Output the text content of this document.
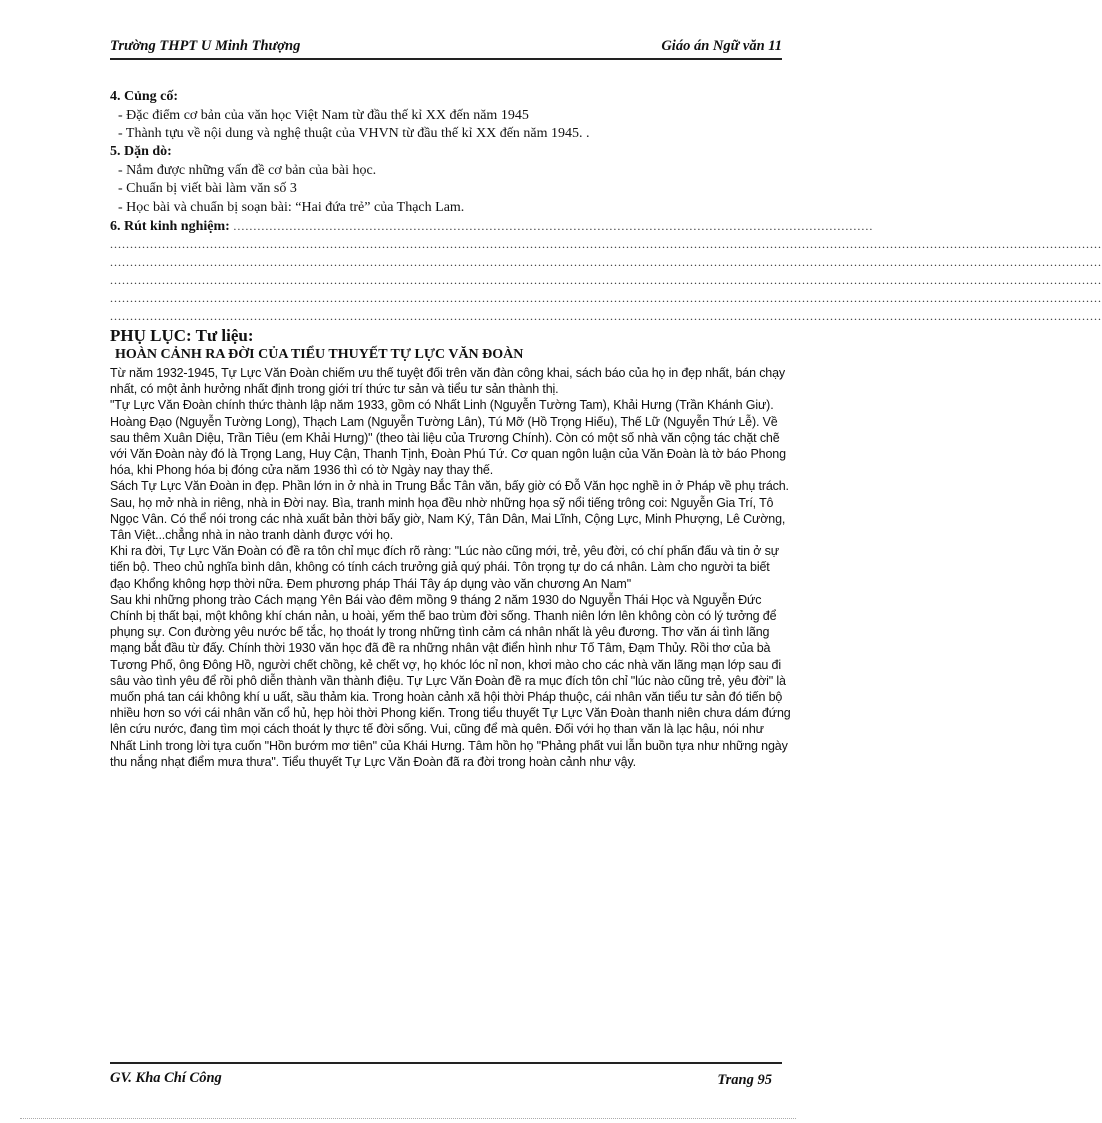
Trường THPT U Minh Thượng	Giáo án Ngữ văn 11
4. Củng cố:
- Đặc điểm cơ bản của văn học Việt Nam từ đầu thế kỉ XX đến năm 1945
- Thành tựu về nội dung và nghệ thuật của VHVN từ đầu thế kỉ XX đến năm 1945. .
5. Dặn dò:
- Nắm được những vấn đề cơ bản của bài học.
- Chuẩn bị viết bài làm văn số 3
- Học bài và chuẩn bị soạn bài: “Hai đứa trẻ” của Thạch Lam.
6. Rút kinh nghiệm: ................................................................................................................................................................
.....
.....
.....
.....
.....
PHỤ LỤC: Tư liệu:
HOÀN CẢNH RA ĐỜI CỦA TIỂU THUYẾT TỰ LỰC VĂN ĐOÀN

Từ năm 1932-1945, Tự Lực Văn Đoàn chiếm ưu thế tuyệt đối trên văn đàn công khai, sách báo của họ in đẹp nhất, bán chạy nhất, có một ảnh hưởng nhất định trong giới trí thức tư sản và tiểu tư sản thành thị.

"Tự Lực Văn Đoàn chính thức thành lập năm 1933, gồm có Nhất Linh (Nguyễn Tường Tam), Khải Hưng (Trần Khánh Giư). Hoàng Đạo (Nguyễn Tường Long), Thạch Lam (Nguyễn Tường Lân), Tú Mỡ (Hồ Trọng Hiếu), Thế Lữ (Nguyễn Thứ Lễ). Về sau thêm Xuân Diệu, Trần Tiêu (em Khải Hưng)" (theo tài liệu của Trương Chính). Còn có một số nhà văn cộng tác chặt chẽ với Văn Đoàn này đó là Trọng Lang, Huy Cận, Thanh Tịnh, Đoàn Phú Tứ. Cơ quan ngôn luận của Văn Đoàn là tờ báo Phong hóa, khi Phong hóa bị đóng cửa năm 1936 thì có tờ Ngày nay thay thế.

Sách Tự Lực Văn Đoàn in đẹp. Phần lớn in ở nhà in Trung Bắc Tân văn, bấy giờ có Đỗ Văn học nghề in ở Pháp về phụ trách. Sau, họ mở nhà in riêng, nhà in Đời nay. Bìa, tranh minh họa đều nhờ những họa sỹ nổi tiếng trông coi: Nguyễn Gia Trí, Tô Ngọc Vân. Có thể nói trong các nhà xuất bản thời bấy giờ, Nam Ký, Tân Dân, Mai Lĩnh, Cộng Lực, Minh Phượng, Lê Cường, Tân Việt...chẳng nhà in nào tranh dành được với họ.

Khi ra đời, Tự Lực Văn Đoàn có đề ra tôn chỉ mục đích rõ ràng: "Lúc nào cũng mới, trẻ, yêu đời, có chí phấn đấu và tin ở sự tiến bộ. Theo chủ nghĩa bình dân, không có tính cách trưởng giả quý phái. Tôn trọng tự do cá nhân. Làm cho người ta biết đạo Khổng không hợp thời nữa. Đem phương pháp Thái Tây áp dụng vào văn chương An Nam"

Sau khi những phong trào Cách mạng Yên Bái vào đêm mồng 9 tháng 2 năm 1930 do Nguyễn Thái Học và Nguyễn Đức Chính bị thất bại, một không khí chán nản, u hoài, yếm thế bao trùm đời sống. Thanh niên lớn lên không còn có lý tưởng để phụng sự. Con đường yêu nước bế tắc, họ thoát ly trong những tình cảm cá nhân nhất là yêu đương. Thơ văn ái tình lãng mạng bắt đầu từ đấy. Chính thời 1930 văn học đã đề ra những nhân vật điển hình như Tố Tâm, Đạm Thủy. Rồi thơ của bà Tương Phố, ông Đông Hồ, người chết chồng, kẻ chết vợ, họ khóc lóc nỉ non, khơi mào cho các nhà văn lãng mạn lớp sau đi sâu vào tình yêu để rồi phô diễn thành vần thành điệu. Tự Lực Văn Đoàn đề ra mục đích tôn chỉ "lúc nào cũng trẻ, yêu đời" là muốn phá tan cái không khí u uất, sầu thảm kia. Trong hoàn cảnh xã hội thời Pháp thuộc, cái nhân văn tiểu tư sản đó tiến bộ nhiều hơn so với cái nhân văn cổ hủ, hẹp hòi thời Phong kiến. Trong tiểu thuyết Tự Lực Văn Đoàn thanh niên chưa dám đứng lên cứu nước, đang tìm mọi cách thoát ly thực tế đời sống. Vui, cũng để mà quên. Đối với họ than văn là lạc hậu, nói như Nhất Linh trong lời tựa cuốn "Hồn bướm mơ tiên" của Khái Hưng. Tâm hồn họ "Phảng phất vui lẫn buồn tựa như những ngày thu nắng nhạt điểm mưa thưa". Tiểu thuyết Tự Lực Văn Đoàn đã ra đời trong hoàn cảnh như vậy.

GV. Kha Chí Công	Trang 95
